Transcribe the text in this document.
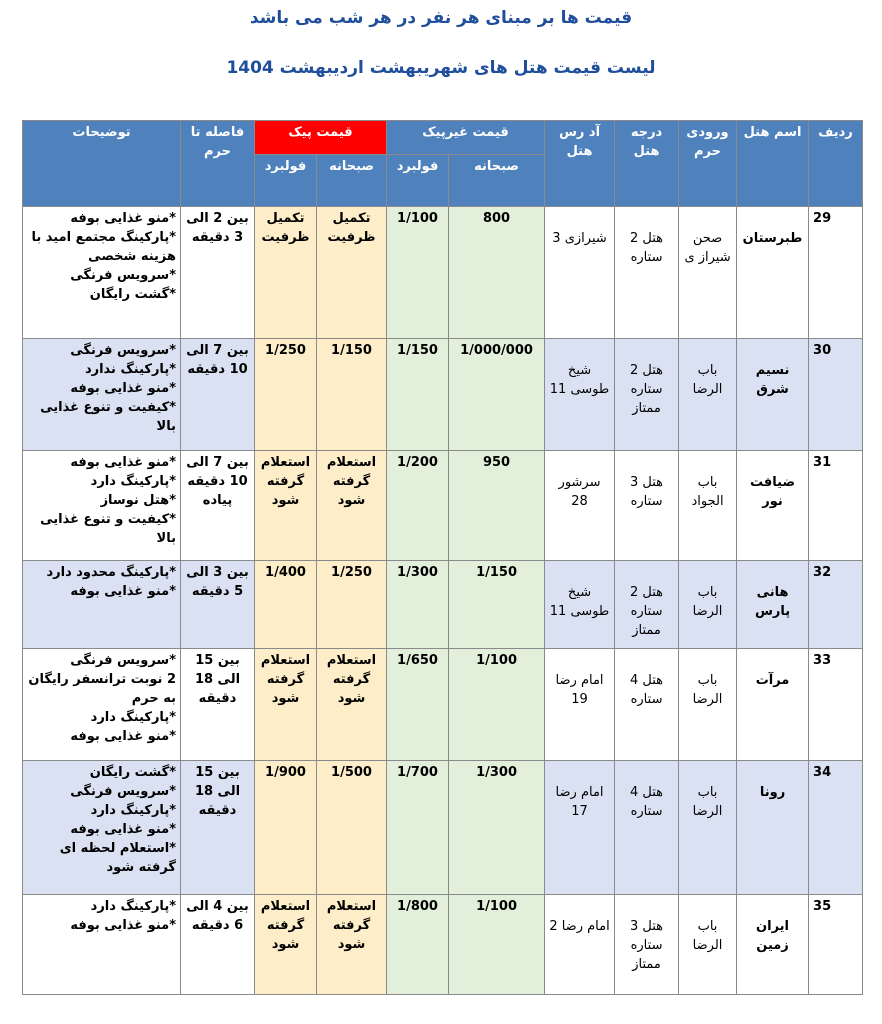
قیمت ها بر مبنای هر نفر در هر شب می باشد
لیست قیمت هتل های شهریبهشت اردیبهشت 1404
ردیف	اسم هتل	ورودی حرم	درجه هتل	آد رس هتل	قیمت غیرپیک		قیمت پیک		فاصله تا حرم	توضیحات
					صبحانه	فولبرد	صبحانه	فولبرد		
29	طبرستان	صحن شیراز ی	هتل 2 ستاره	شیرازی 3	800	1/100	تکمیل ظرفیت	تکمیل ظرفیت	بین 2 الی 3 دقیقه	*منو غذایی بوفه
*پارکینگ مجتمع امید با هزینه شخصی
*سرویس فرنگی
*گشت رایگان

30	نسیم شرق	باب الرضا	هتل 2 ستاره ممتاز	شیخ طوسی 11	1/000/000	1/150	1/150	1/250	بین 7 الی 10 دقیقه	*سرویس فرنگی
*پارکینگ ندارد
*منو غذایی بوفه
*کیفیت و تنوع غذایی بالا

31	ضیافت نور	باب الجواد	هتل 3 ستاره	سرشور 28	950	1/200	استعلام گرفته شود	استعلام گرفته شود	بین 7 الی 10 دقیقه پیاده	*منو غذایی بوفه
*پارکینگ دارد
*هتل نوساز
*کیفیت و تنوع غذایی بالا

32	هانی پارس	باب الرضا	هتل 2 ستاره ممتاز	شیخ طوسی 11	1/150	1/300	1/250	1/400	بین 3 الی 5 دقیقه	*پارکینگ محدود دارد
*منو غذایی بوفه

33	مرآت	باب الرضا	هتل 4 ستاره	امام رضا 19	1/100	1/650	استعلام گرفته شود	استعلام گرفته شود	بین 15 الی 18 دقیقه	*سرویس فرنگی
2 نوبت ترانسفر رایگان به حرم
*پارکینگ دارد
*منو غذایی بوفه

34	رونا	باب الرضا	هتل 4 ستاره	امام رضا 17	1/300	1/700	1/500	1/900	بین 15 الی 18 دقیقه	*گشت رایگان
*سرویس فرنگی
*پارکینگ دارد
*منو غذایی بوفه
*استعلام لحظه ای گرفته شود

35	ایران زمین	باب الرضا	هتل 3 ستاره ممتاز	امام رضا 2	1/100	1/800	استعلام گرفته شود	استعلام گرفته شود	بین 4 الی 6 دقیقه	*پارکینگ دارد
*منو غذایی بوفه
